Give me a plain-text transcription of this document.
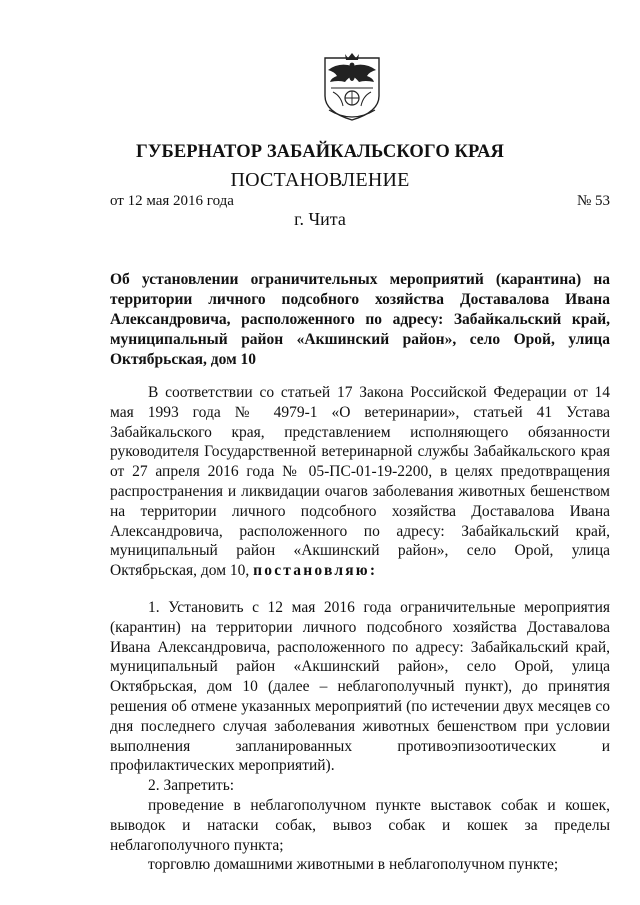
ГУБЕРНАТОР ЗАБАЙКАЛЬСКОГО КРАЯ
ПОСТАНОВЛЕНИЕ
от 12 мая 2016 года	№ 53
г. Чита
Об установлении ограничительных мероприятий (карантина) на территории личного подсобного хозяйства Доставалова Ивана Александровича, расположенного по адресу: Забайкальский край, муниципальный район «Акшинский район», село Орой, улица Октябрьская, дом 10

В соответствии со статьей 17 Закона Российской Федерации от 14 мая 1993 года № 4979-1 «О ветеринарии», статьей 41 Устава Забайкальского края, представлением исполняющего обязанности руководителя Государственной ветеринарной службы Забайкальского края от 27 апреля 2016 года № 05-ПС-01-19-2200, в целях предотвращения распространения и ликвидации очагов заболевания животных бешенством на территории личного подсобного хозяйства Доставалова Ивана Александровича, расположенного по адресу: Забайкальский край, муниципальный район «Акшинский район», село Орой, улица Октябрьская, дом 10, постановляю:

1. Установить с 12 мая 2016 года ограничительные мероприятия (карантин) на территории личного подсобного хозяйства Доставалова Ивана Александровича, расположенного по адресу: Забайкальский край, муниципальный район «Акшинский район», село Орой, улица Октябрьская, дом 10 (далее – неблагополучный пункт), до принятия решения об отмене указанных мероприятий (по истечении двух месяцев со дня последнего случая заболевания животных бешенством при условии выполнения запланированных противоэпизоотических и профилактических мероприятий).

2. Запретить:

проведение в неблагополучном пункте выставок собак и кошек, выводок и натаски собак, вывоз собак и кошек за пределы неблагополучного пункта;

торговлю домашними животными в неблагополучном пункте;
